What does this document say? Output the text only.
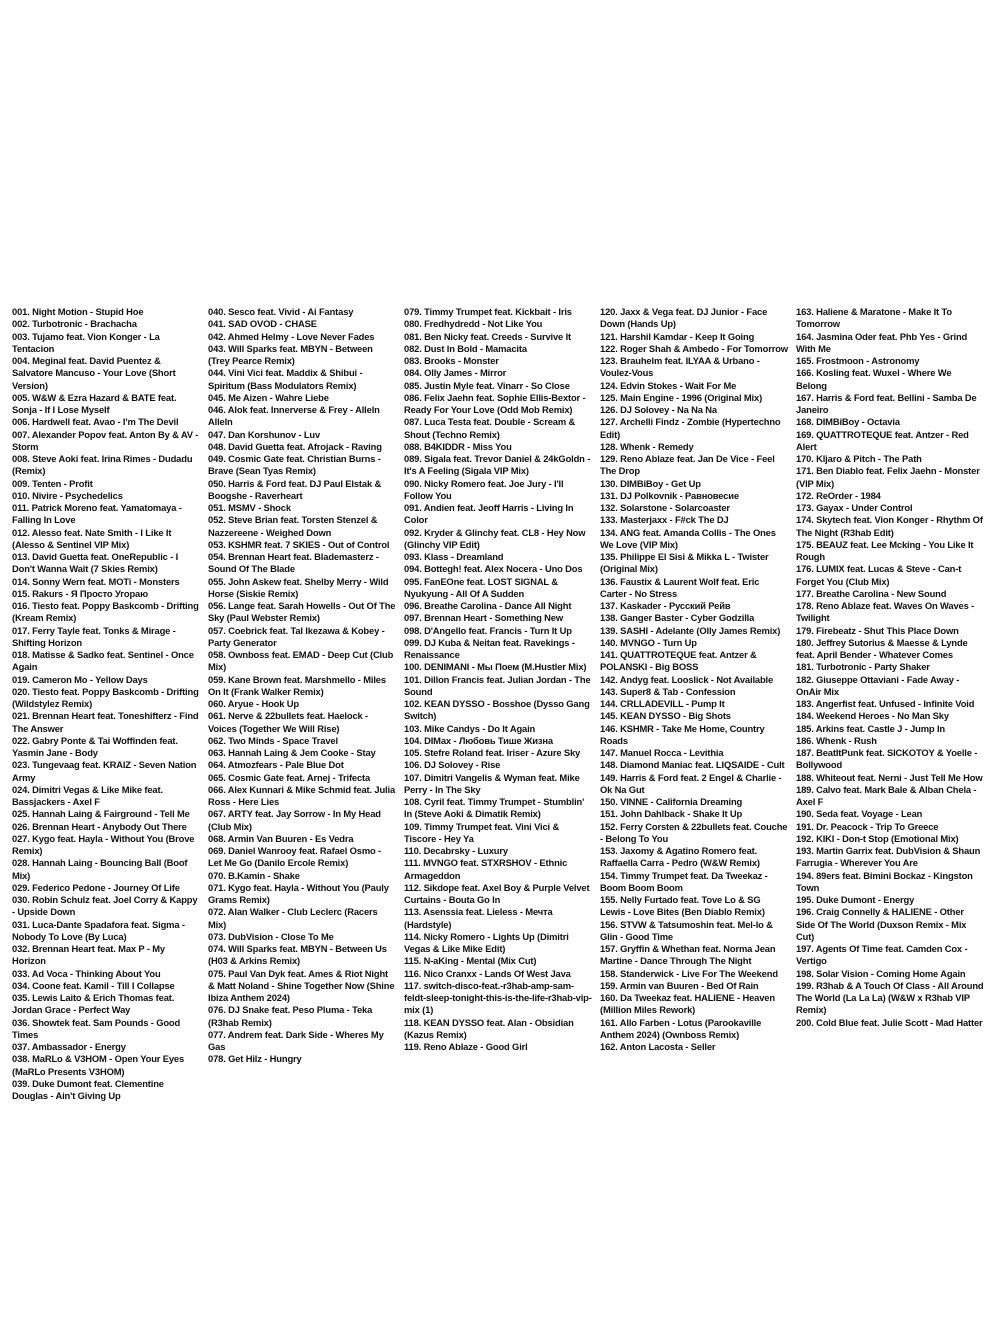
001. Night Motion - Stupid Hoe
002. Turbotronic - Brachacha
003. Tujamo feat. Vion Konger - La Tentacion
004. Meginal feat. David Puentez & Salvatore Mancuso - Your Love (Short Version)
005. W&W & Ezra Hazard & BATE feat. Sonja - If I Lose Myself
006. Hardwell feat. Avao - I'm The Devil
007. Alexander Popov feat. Anton By & AV - Storm
008. Steve Aoki feat. Irina Rimes - Dudadu (Remix)
009. Tenten - Profit
010. Nivire - Psychedelics
011. Patrick Moreno feat. Yamatomaya - Falling In Love
012. Alesso feat. Nate Smith - I Like It (Alesso & Sentinel VIP Mix)
013. David Guetta feat. OneRepublic - I Don't Wanna Wait (7 Skies Remix)
014. Sonny Wern feat. MOTi - Monsters
015. Rakurs - Я Просто Угораю
016. Tiesto feat. Poppy Baskcomb - Drifting (Kream Remix)
017. Ferry Tayle feat. Tonks & Mirage - Shifting Horizon
018. Matisse & Sadko feat. Sentinel - Once Again
019. Cameron Mo - Yellow Days
020. Tiesto feat. Poppy Baskcomb - Drifting (Wildstylez Remix)
021. Brennan Heart feat. Toneshifterz - Find The Answer
022. Gabry Ponte & Tai Woffinden feat. Yasmin Jane - Body
023. Tungevaag feat. KRAIZ - Seven Nation Army
024. Dimitri Vegas & Like Mike feat. Bassjackers - Axel F
025. Hannah Laing & Fairground - Tell Me
026. Brennan Heart - Anybody Out There
027. Kygo feat. Hayla - Without You (Brove Remix)
028. Hannah Laing - Bouncing Ball (Boof Mix)
029. Federico Pedone - Journey Of Life
030. Robin Schulz feat. Joel Corry & Kappy - Upside Down
031. Luca-Dante Spadafora feat. Sigma - Nobody To Love (By Luca)
032. Brennan Heart feat. Max P - My Horizon
033. Ad Voca - Thinking About You
034. Coone feat. Kamil - Till I Collapse
035. Lewis Laito & Erich Thomas feat. Jordan Grace - Perfect Way
036. Showtek feat. Sam Pounds - Good Times
037. Ambassador - Energy
038. MaRLo & V3HOM - Open Your Eyes (MaRLo Presents V3HOM)
039. Duke Dumont feat. Clementine Douglas - Ain't Giving Up
040. Sesco feat. Vivid - Ai Fantasy
041. SAD OVOD - CHASE
042. Ahmed Helmy - Love Never Fades
043. Will Sparks feat. MBYN - Between (Trey Pearce Remix)
044. Vini Vici feat. Maddix & Shibui - Spiritum (Bass Modulators Remix)
045. Me Aizen - Wahre Liebe
046. Alok feat. Innerverse & Frey - Alleln Alleln
047. Dan Korshunov - Luv
048. David Guetta feat. Afrojack - Raving
049. Cosmic Gate feat. Christian Burns - Brave (Sean Tyas Remix)
050. Harris & Ford feat. DJ Paul Elstak & Boogshe - Raverheart
051. MSMV - Shock
052. Steve Brian feat. Torsten Stenzel & Nazzereene - Weighed Down
053. KSHMR feat. 7 SKIES - Out of Control
054. Brennan Heart feat. Blademasterz - Sound Of The Blade
055. John Askew feat. Shelby Merry - Wild Horse (Siskie Remix)
056. Lange feat. Sarah Howells - Out Of The Sky (Paul Webster Remix)
057. Coebrick feat. Tal Ikezawa & Kobey - Party Generator
058. Ownboss feat. EMAD - Deep Cut (Club Mix)
059. Kane Brown feat. Marshmello - Miles On It (Frank Walker Remix)
060. Aryue - Hook Up
061. Nerve & 22bullets feat. Haelock - Voices (Together We Will Rise)
062. Two Minds - Space Travel
063. Hannah Laing & Jem Cooke - Stay
064. Atmozfears - Pale Blue Dot
065. Cosmic Gate feat. Arnej - Trifecta
066. Alex Kunnari & Mike Schmid feat. Julia Ross - Here Lies
067. ARTY feat. Jay Sorrow - In My Head (Club Mix)
068. Armin Van Buuren - Es Vedra
069. Daniel Wanrooy feat. Rafael Osmo - Let Me Go (Danilo Ercole Remix)
070. B.Kamin - Shake
071. Kygo feat. Hayla - Without You (Pauly Grams Remix)
072. Alan Walker - Club Leclerc (Racers Mix)
073. DubVision - Close To Me
074. Will Sparks feat. MBYN - Between Us (H03 & Arkins Remix)
075. Paul Van Dyk feat. Ames & Riot Night & Matt Noland - Shine Together Now (Shine Ibiza Anthem 2024)
076. DJ Snake feat. Peso Pluma - Teka (R3hab Remix)
077. Andrem feat. Dark Side - Wheres My Gas
078. Get Hilz - Hungry
079. Timmy Trumpet feat. Kickbait - Iris
080. Fredhydredd - Not Like You
081. Ben Nicky feat. Creeds - Survive It
082. Dust In Bold - Mamacita
083. Brooks - Monster
084. Olly James - Mirror
085. Justin Myle feat. Vinarr - So Close
086. Felix Jaehn feat. Sophie Ellis-Bextor - Ready For Your Love (Odd Mob Remix)
087. Luca Testa feat. Double - Scream & Shout (Techno Remix)
088. B4KIDDR - Miss You
089. Sigala feat. Trevor Daniel & 24kGoldn - It's A Feeling (Sigala VIP Mix)
090. Nicky Romero feat. Joe Jury - I'll Follow You
091. Andien feat. Jeoff Harris - Living In Color
092. Kryder & Glinchy feat. CL8 - Hey Now (Glinchy VIP Edit)
093. Klass - Dreamland
094. Bottegh! feat. Alex Nocera - Uno Dos
095. FanEOne feat. LOST SIGNAL & Nyukyung - All Of A Sudden
096. Breathe Carolina - Dance All Night
097. Brennan Heart - Something New
098. D'Angello feat. Francis - Turn It Up
099. DJ Kuba & Neitan feat. Ravekings - Renaissance
100. DENIMANI - Мы Поем (M.Hustler Mix)
101. Dillon Francis feat. Julian Jordan - The Sound
102. KEAN DYSSO - Bosshoe (Dysso Gang Switch)
103. Mike Candys - Do It Again
104. DIMax - Любовь Тише Жизна
105. Stefre Roland feat. Iriser - Azure Sky
106. DJ Solovey - Rise
107. Dimitri Vangelis & Wyman feat. Mike Perry - In The Sky
108. Cyril feat. Timmy Trumpet - Stumblin' In (Steve Aoki & Dimatik Remix)
109. Timmy Trumpet feat. Vini Vici & Tiscore - Hey Ya
110. Decabrsky - Luxury
111. MVNGO feat. STXRSHOV - Ethnic Armageddon
112. Sikdope feat. Axel Boy & Purple Velvet Curtains - Bouta Go In
113. Asenssia feat. Lieless - Мечта (Hardstyle)
114. Nicky Romero - Lights Up (Dimitri Vegas & Like Mike Edit)
115. N-aKing - Mental (Mix Cut)
116. Nico Cranxx - Lands Of West Java
117. switch-disco-feat.-r3hab-amp-sam-feldt-sleep-tonight-this-is-the-life-r3hab-vip-mix (1)
118. KEAN DYSSO feat. Alan - Obsidian (Kazus Remix)
119. Reno Ablaze - Good Girl
120. Jaxx & Vega feat. DJ Junior - Face Down (Hands Up)
121. Harshil Kamdar - Keep It Going
122. Roger Shah & Ambedo - For Tomorrow
123. Brauhelm feat. ILYAA & Urbano - Voulez-Vous
124. Edvin Stokes - Wait For Me
125. Main Engine - 1996 (Original Mix)
126. DJ Solovey - Na Na Na
127. Archelli Findz - Zombie (Hypertechno Edit)
128. Whenk - Remedy
129. Reno Ablaze feat. Jan De Vice - Feel The Drop
130. DIMBiBoy - Get Up
131. DJ Polkovnik - Равновесие
132. Solarstone - Solarcoaster
133. Masterjaxx - F#ck The DJ
134. ANG feat. Amanda Collis - The Ones We Love (VIP Mix)
135. Philippe El Sisi & Mikka L - Twister (Original Mix)
136. Faustix & Laurent Wolf feat. Eric Carter - No Stress
137. Kaskader - Русский Рейв
138. Ganger Baster - Cyber Godzilla
139. SASHI - Adelante (Olly James Remix)
140. MVNGO - Turn Up
141. QUATTROTEQUE feat. Antzer & POLANSKI - Big BOSS
142. Andyg feat. Looslick - Not Available
143. Super8 & Tab - Confession
144. CRLLADEVILL - Pump It
145. KEAN DYSSO - Big Shots
146. KSHMR - Take Me Home, Country Roads
147. Manuel Rocca - Levithia
148. Diamond Maniac feat. LIQSAIDE - Cult
149. Harris & Ford feat. 2 Engel & Charlie - Ok Na Gut
150. VINNE - California Dreaming
151. John Dahlback - Shake It Up
152. Ferry Corsten & 22bullets feat. Couche - Belong To You
153. Jaxomy & Agatino Romero feat. Raffaella Carra - Pedro (W&W Remix)
154. Timmy Trumpet feat. Da Tweekaz - Boom Boom Boom
155. Nelly Furtado feat. Tove Lo & SG Lewis - Love Bites (Ben Diablo Remix)
156. STVW & Tatsumoshin feat. Mel-lo & Glin - Good Time
157. Gryffin & Whethan feat. Norma Jean Martine - Dance Through The Night
158. Standerwick - Live For The Weekend
159. Armin van Buuren - Bed Of Rain
160. Da Tweekaz feat. HALIENE - Heaven (Million Miles Rework)
161. Allo Farben - Lotus (Parookaville Anthem 2024) (Ownboss Remix)
162. Anton Lacosta - Seller
163. Haliene & Maratone - Make It To Tomorrow
164. Jasmina Oder feat. Phb Yes - Grind With Me
165. Frostmoon - Astronomy
166. Kosling feat. Wuxel - Where We Belong
167. Harris & Ford feat. Bellini - Samba De Janeiro
168. DIMBiBoy - Octavia
169. QUATTROTEQUE feat. Antzer - Red Alert
170. Kljaro & Pitch - The Path
171. Ben Diablo feat. Felix Jaehn - Monster (VIP Mix)
172. ReOrder - 1984
173. Gayax - Under Control
174. Skytech feat. Vion Konger - Rhythm Of The Night (R3hab Edit)
175. BEAUZ feat. Lee Mcking - You Like It Rough
176. LUMIX feat. Lucas & Steve - Can-t Forget You (Club Mix)
177. Breathe Carolina - New Sound
178. Reno Ablaze feat. Waves On Waves - Twilight
179. Firebeatz - Shut This Place Down
180. Jeffrey Sutorius & Maesse & Lynde feat. April Bender - Whatever Comes
181. Turbotronic - Party Shaker
182. Giuseppe Ottaviani - Fade Away - OnAir Mix
183. Angerfist feat. Unfused - Infinite Void
184. Weekend Heroes - No Man Sky
185. Arkins feat. Castle J - Jump In
186. Whenk - Rush
187. BeatItPunk feat. SICKOTOY & Yoelle - Bollywood
188. Whiteout feat. Nerni - Just Tell Me How
189. Calvo feat. Mark Bale & Alban Chela - Axel F
190. Seda feat. Voyage - Lean
191. Dr. Peacock - Trip To Greece
192. KIKI - Don-t Stop (Emotional Mix)
193. Martin Garrix feat. DubVision & Shaun Farrugia - Wherever You Are
194. 89ers feat. Bimini Bockaz - Kingston Town
195. Duke Dumont - Energy
196. Craig Connelly & HALIENE - Other Side Of The World (Duxson Remix - Mix Cut)
197. Agents Of Time feat. Camden Cox - Vertigo
198. Solar Vision - Coming Home Again
199. R3hab & A Touch Of Class - All Around The World (La La La) (W&W x R3hab VIP Remix)
200. Cold Blue feat. Julie Scott - Mad Hatter
